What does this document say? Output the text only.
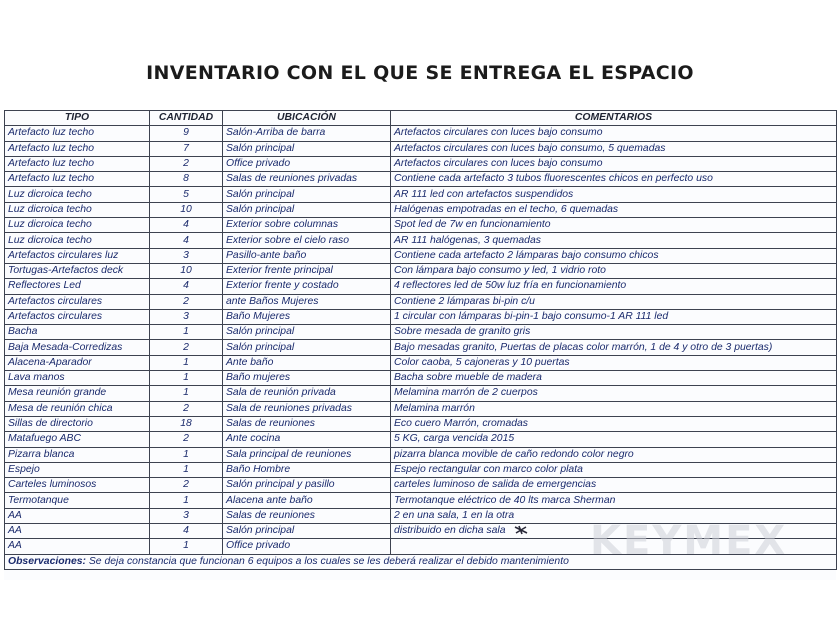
INVENTARIO CON EL QUE SE ENTREGA EL ESPACIO
TIPO	CANTIDAD	UBICACIÓN	COMENTARIOS
Artefacto luz techo	9	Salón-Arriba de barra	Artefactos circulares con luces bajo consumo
Artefacto luz techo	7	Salón principal	Artefactos circulares con luces bajo consumo, 5 quemadas
Artefacto luz techo	2	Office privado	Artefactos circulares con luces bajo consumo
Artefacto luz techo	8	Salas de reuniones privadas	Contiene cada artefacto 3 tubos fluorescentes chicos en perfecto uso
Luz dicroica techo	5	Salón principal	AR 111 led con artefactos suspendidos
Luz dicroica techo	10	Salón principal	Halógenas empotradas en el techo, 6 quemadas
Luz dicroica techo	4	Exterior sobre columnas	Spot led de 7w en funcionamiento
Luz dicroica techo	4	Exterior sobre el cielo raso	AR 111 halógenas, 3 quemadas
Artefactos circulares luz	3	Pasillo-ante baño	Contiene cada artefacto 2 lámparas bajo consumo chicos
Tortugas-Artefactos deck	10	Exterior frente principal	Con lámpara bajo consumo y led, 1 vidrio roto
Reflectores Led	4	Exterior frente y costado	4 reflectores led de 50w luz fría en funcionamiento
Artefactos circulares	2	ante Baños Mujeres	Contiene 2 lámparas bi-pin c/u
Artefactos circulares	3	Baño Mujeres	1 circular con lámparas bi-pin-1 bajo consumo-1 AR 111 led
Bacha	1	Salón principal	Sobre mesada de granito gris
Baja Mesada-Corredizas	2	Salón principal	Bajo mesadas granito, Puertas de placas color marrón, 1 de 4 y otro de 3 puertas)
Alacena-Aparador	1	Ante baño	Color caoba, 5 cajoneras y 10 puertas
Lava manos	1	Baño mujeres	Bacha sobre mueble de madera
Mesa reunión grande	1	Sala de reunión privada	Melamina marrón de 2 cuerpos
Mesa de reunión chica	2	Sala de reuniones privadas	Melamina marrón
Sillas de directorio	18	Salas de reuniones	Eco cuero Marrón, cromadas
Matafuego ABC	2	Ante cocina	5 KG, carga vencida 2015
Pizarra blanca	1	Sala principal de reuniones	pizarra blanca movible de caño redondo color negro
Espejo	1	Baño Hombre	Espejo rectangular con marco color plata
Carteles luminosos	2	Salón principal y pasillo	carteles luminoso de salida de emergencias
Termotanque	1	Alacena ante baño	Termotanque eléctrico de 40 lts marca Sherman
AA	3	Salas de reuniones	2 en una sala, 1 en la otra
AA	4	Salón principal	distribuido en dicha sala
AA	1	Office privado	
Observaciones: Se deja constancia que funcionan 6 equipos a los cuales se les deberá realizar el debido mantenimiento			KEYMEX
